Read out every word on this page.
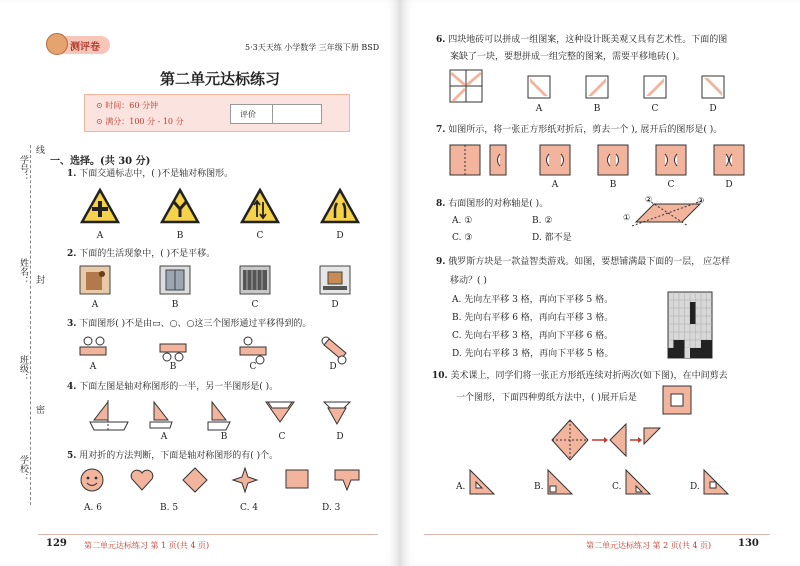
测评卷	5·3天天练 小学数学 三年级下册 BSD
学号：
线
姓名： 封
班级：
密
学校：
第二单元达标练习
⊙ 时间：60 分钟
⊙ 满分：100 分 - 10 分
评价
一、选择。(共 30 分)
1. 下面交通标志中，( )不是轴对称图形。
A	B	C	D
2. 下面的生活现象中，( )不是平移。
A	B	C	D
3. 下面图形( )不是由▭、○、○这三个图形通过平移得到的。
A	B	C	D
4. 下面左图是轴对称图形的一半，另一半图形是( )。
A	B	C	D
5. 用对折的方法判断，下面是轴对称图形的有( )个。
A. 6	B. 5	C. 4	D. 3
129 第二单元达标练习 第 1 页(共 4 页)
6. 四块地砖可以拼成一组图案，这种设计既美观又具有艺术性。下面的图
案缺了一块，要想拼成一组完整的图案，需要平移地砖( )。
A	B	C	D
7. 如图所示，将一张正方形纸对折后，剪去一个 ), 展开后的图形是( )。
A	B	C	D
8. 右面图形的对称轴是( )。
A. ①	B. ②
C. ③	D. 都不是
①
②	③
9. 俄罗斯方块是一款益智类游戏。如图，要想铺满最下面的一层， 应怎样
移动？( )
A. 先向左平移 3 格，再向下平移 5 格。
B. 先向右平移 6 格，再向右平移 3 格。
C. 先向右平移 3 格，再向下平移 6 格。
D. 先向右平移 3 格，再向下平移 5 格。
10. 美术课上，同学们将一张正方形纸连续对折两次(如下图)，在中间剪去
一个图形，下面四种剪纸方法中，( )展开后是
A.	B.	C.	D.
第二单元达标练习 第 2 页(共 4 页)	130
